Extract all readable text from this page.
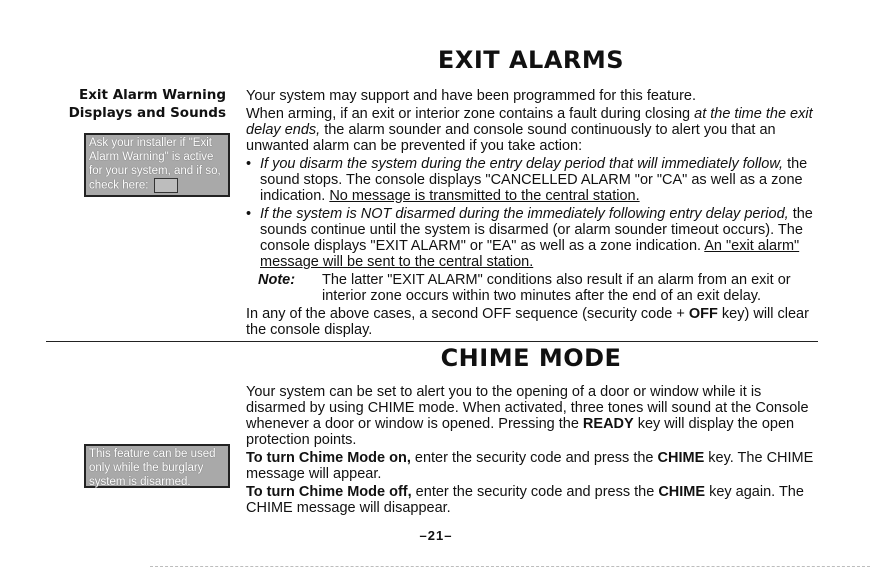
EXIT ALARMS
Exit Alarm Warning
Displays and Sounds
Ask your installer if "Exit Alarm Warning" is active for your system, and if so, check here:

Your system may support and have been programmed for this feature.

When arming, if an exit or interior zone contains a fault during closing at the time the exit delay ends, the alarm sounder and console sound continuously to alert you that an unwanted alarm can be prevented if you take action:

• If you disarm the system during the entry delay period that will immediately follow, the sound stops. The console displays "CANCELLED ALARM "or "CA" as well as a zone indication. No message is transmitted to the central station.
• If the system is NOT disarmed during the immediately following entry delay period, the sounds continue until the system is disarmed (or alarm sounder timeout occurs). The console displays "EXIT ALARM" or "EA" as well as a zone indication. An "exit alarm" message will be sent to the central station.
Note: The latter "EXIT ALARM" conditions also result if an alarm from an exit or interior zone occurs within two minutes after the end of an exit delay.

In any of the above cases, a second OFF sequence (security code + OFF key) will clear the console display.

CHIME MODE
This feature can be used only while the burglary system is disarmed.

Your system can be set to alert you to the opening of a door or window while it is disarmed by using CHIME mode. When activated, three tones will sound at the Console whenever a door or window is opened. Pressing the READY key will display the open protection points.

To turn Chime Mode on, enter the security code and press the CHIME key. The CHIME message will appear.

To turn Chime Mode off, enter the security code and press the CHIME key again. The CHIME message will disappear.

–21–
